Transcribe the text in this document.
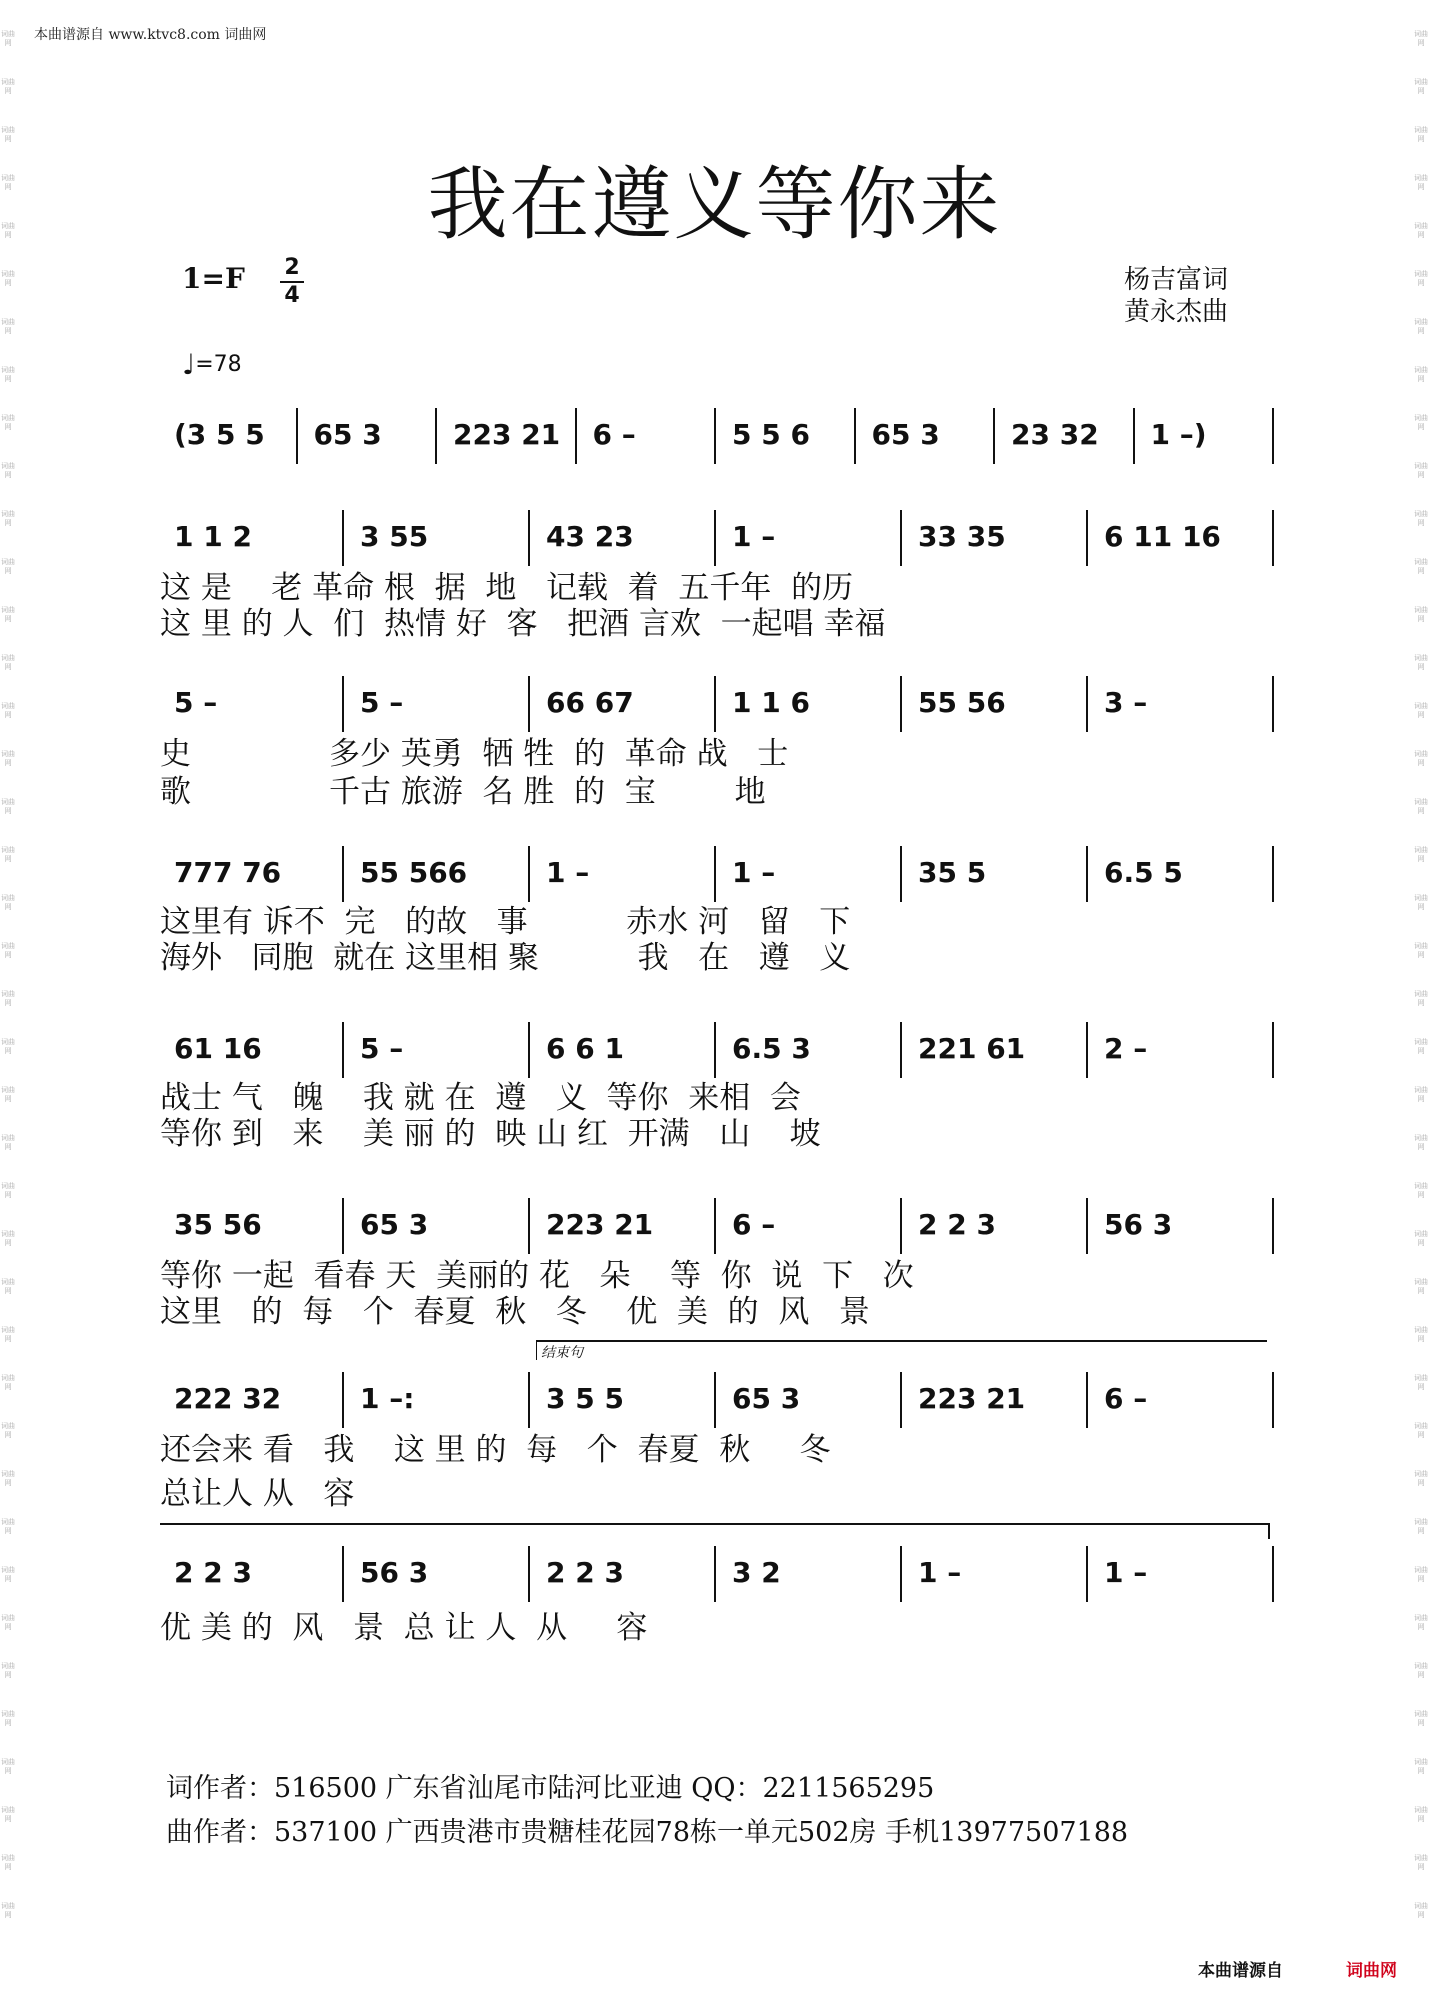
本曲谱源自 www.ktvc8.com 词曲网
词曲网
词曲网
词曲网
词曲网
词曲网
词曲网
词曲网
词曲网
词曲网
词曲网
词曲网
词曲网
词曲网
词曲网
词曲网
词曲网
词曲网
词曲网
词曲网
词曲网
词曲网
词曲网
词曲网
词曲网
词曲网
词曲网
词曲网
词曲网
词曲网
词曲网
词曲网
词曲网
词曲网
词曲网
词曲网
词曲网
词曲网
词曲网
词曲网
词曲网
词曲网
词曲网
词曲网
词曲网
词曲网
词曲网
词曲网
词曲网
词曲网
词曲网
词曲网
词曲网
词曲网
词曲网
词曲网
词曲网
词曲网
词曲网
词曲网
词曲网
词曲网
词曲网
词曲网
词曲网
词曲网
词曲网
词曲网
词曲网
词曲网
词曲网
词曲网
词曲网
词曲网
词曲网
词曲网
词曲网
词曲网
词曲网
词曲网
词曲网
我在遵义等你来
1=F 2
4
杨吉富词
黄永杰曲
♩=78
(3 5 5 65 3	223 21 6 –	5 5 6 65 3	23 32 1 –)
1 1 2	3 55	43 23	1 –	33 35	6 11 16
这 是    老 革命 根  据  地   记载  着  五千年  的历
这 里 的 人  们  热情 好  客   把酒 言欢  一起唱 幸福
5 –	5 –	66 67	1 1 6	55 56	3 –
史              多少 英勇  牺 牲  的  革命 战   士
歌              千古 旅游  名 胜  的  宝        地
777 76	55 566	1 –	1 –	35 5	6.5 5
这里有 诉不  完   的故   事          赤水 河   留   下
海外   同胞  就在 这里相 聚          我   在   遵   义
61 16	5 –	6 6 1	6.5 3	221 61	2 –
战士 气   魄    我 就 在  遵   义  等你  来相  会
等你 到   来    美 丽 的  映 山 红  开满   山    坡
35 56	65 3	223 21	6 –	2 2 3	56 3
等你 一起  看春 天  美丽的 花   朵    等  你  说  下   次
这里   的  每   个  春夏  秋   冬    优  美  的  风   景
222 32	1 –:	3 5 5	65 3	223 21	6 –
还会来 看   我    这 里 的  每   个  春夏  秋     冬
总让人 从   容
2 2 3	56 3	2 2 3	3 2	1 –	1 –
优 美 的  风   景  总 让 人  从     容
结束句
词作者：516500 广东省汕尾市陆河比亚迪 QQ：2211565295
曲作者：537100 广西贵港市贵糖桂花园78栋一单元502房 手机13977507188
本曲谱源自	词曲网
